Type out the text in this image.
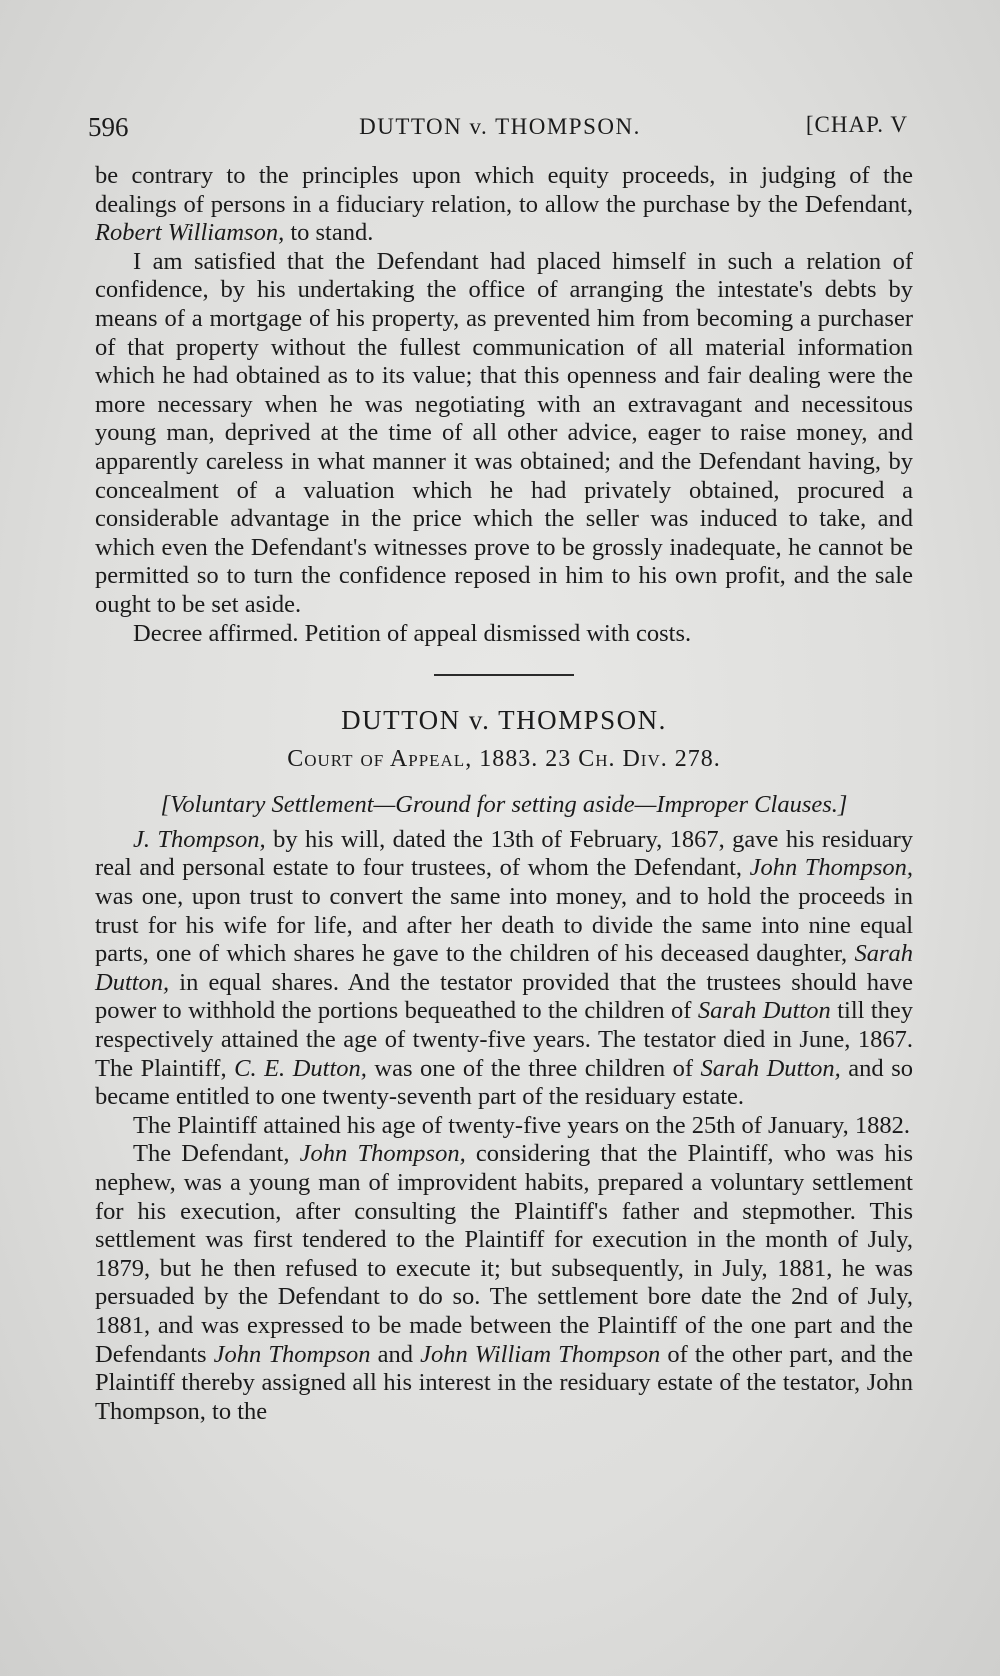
596	DUTTON v. THOMPSON.	[CHAP. V

be contrary to the principles upon which equity proceeds, in judging of the dealings of persons in a fiduciary relation, to allow the purchase by the Defendant, Robert Williamson, to stand.

I am satisfied that the Defendant had placed himself in such a relation of confidence, by his undertaking the office of arranging the intestate's debts by means of a mortgage of his property, as prevented him from becoming a purchaser of that property without the fullest communication of all material information which he had obtained as to its value; that this openness and fair dealing were the more necessary when he was negotiating with an extravagant and necessitous young man, deprived at the time of all other advice, eager to raise money, and apparently careless in what manner it was obtained; and the Defendant having, by concealment of a valuation which he had privately obtained, procured a considerable advantage in the price which the seller was induced to take, and which even the Defendant's witnesses prove to be grossly inadequate, he cannot be permitted so to turn the confidence reposed in him to his own profit, and the sale ought to be set aside.

Decree affirmed. Petition of appeal dismissed with costs.

DUTTON v. THOMPSON.
Court of Appeal, 1883. 23 Ch. Div. 278.
[Voluntary Settlement—Ground for setting aside—Improper Clauses.]

J. Thompson, by his will, dated the 13th of February, 1867, gave his residuary real and personal estate to four trustees, of whom the Defendant, John Thompson, was one, upon trust to convert the same into money, and to hold the proceeds in trust for his wife for life, and after her death to divide the same into nine equal parts, one of which shares he gave to the children of his deceased daughter, Sarah Dutton, in equal shares. And the testator provided that the trustees should have power to withhold the portions bequeathed to the children of Sarah Dutton till they respectively attained the age of twenty-five years. The testator died in June, 1867. The Plaintiff, C. E. Dutton, was one of the three children of Sarah Dutton, and so became entitled to one twenty-seventh part of the residuary estate.

The Plaintiff attained his age of twenty-five years on the 25th of January, 1882.

The Defendant, John Thompson, considering that the Plaintiff, who was his nephew, was a young man of improvident habits, prepared a voluntary settlement for his execution, after consulting the Plaintiff's father and stepmother. This settlement was first tendered to the Plaintiff for execution in the month of July, 1879, but he then refused to execute it; but subsequently, in July, 1881, he was persuaded by the Defendant to do so. The settlement bore date the 2nd of July, 1881, and was expressed to be made between the Plaintiff of the one part and the Defendants John Thompson and John William Thompson of the other part, and the Plaintiff thereby assigned all his interest in the residuary estate of the testator, John Thompson, to the
